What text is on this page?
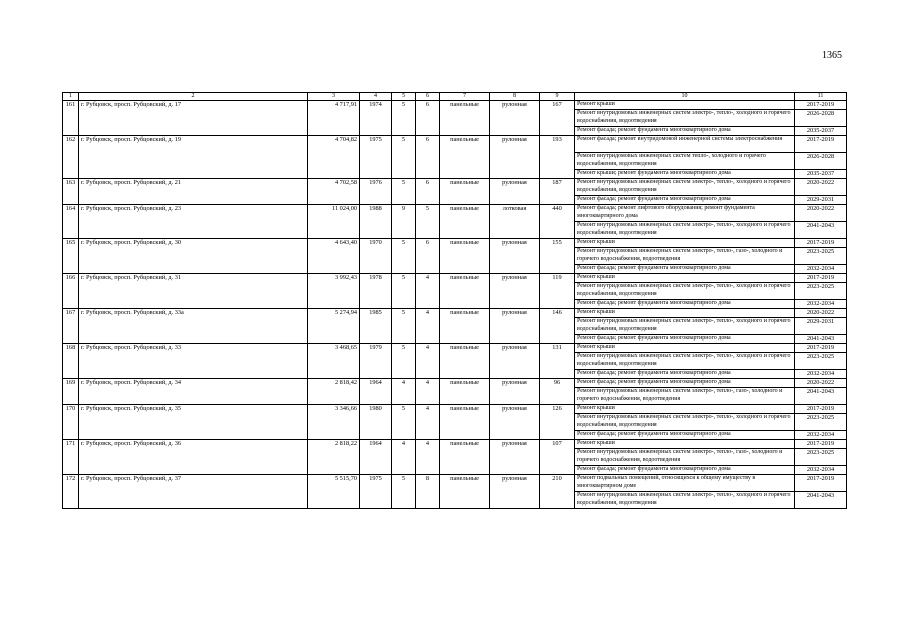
1365
1	2	3	4	5	6	7	8	9	10	11
161	г. Рубцовск, просп. Рубцовский, д. 17	4 717,91	1974	5	6	панельные	рулонная	167	Ремонт крыши	2017-2019
									Ремонт внутридомовых инженерных систем электро-, тепло-, холодного и горячего водоснабжения, водоотведения	2026-2028
									Ремонт фасада; ремонт фундамента многоквартирного дома	2035-2037
162	г. Рубцовск, просп. Рубцовский, д. 19	4 704,82	1975	5	6	панельные	рулонная	193	Ремонт фасада; ремонт внутридомовой инженерной системы электроснабжения	2017-2019
									Ремонт внутридомовых инженерных систем тепло-, холодного и горячего водоснабжения, водоотведения	2026-2028
									Ремонт крыши; ремонт фундамента многоквартирного дома	2035-2037
163	г. Рубцовск, просп. Рубцовский, д. 21	4 702,58	1976	5	6	панельные	рулонная	187	Ремонт внутридомовых инженерных систем электро-, тепло-, холодного и горячего водоснабжения, водоотведения	2020-2022
									Ремонт фасада; ремонт фундамента многоквартирного дома	2029-2031
164	г. Рубцовск, просп. Рубцовский, д. 23	11 024,00	1988	9	5	панельные	лотковая	440	Ремонт фасада; ремонт лифтового оборудования; ремонт фундамента многоквартирного дома	2020-2022
									Ремонт внутридомовых инженерных систем электро-, тепло-, холодного и горячего водоснабжения, водоотведения	2041-2043
165	г. Рубцовск, просп. Рубцовский, д. 30	4 643,40	1970	5	6	панельные	рулонная	155	Ремонт крыши	2017-2019
									Ремонт внутридомовых инженерных систем электро-, тепло-, газо-, холодного и горячего водоснабжения, водоотведения	2023-2025
									Ремонт фасада; ремонт фундамента многоквартирного дома	2032-2034
166	г. Рубцовск, просп. Рубцовский, д. 31	3 992,43	1978	5	4	панельные	рулонная	119	Ремонт крыши	2017-2019
									Ремонт внутридомовых инженерных систем электро-, тепло-, холодного и горячего водоснабжения, водоотведения	2023-2025
									Ремонт фасада; ремонт фундамента многоквартирного дома	2032-2034
167	г. Рубцовск, просп. Рубцовский, д. 33а	5 274,94	1985	5	4	панельные	рулонная	146	Ремонт крыши	2020-2022
									Ремонт внутридомовых инженерных систем электро-, тепло-, холодного и горячего водоснабжения, водоотведения	2029-2031
									Ремонт фасада; ремонт фундамента многоквартирного дома	2041-2043
168	г. Рубцовск, просп. Рубцовский, д. 33	3 468,65	1979	5	4	панельные	рулонная	131	Ремонт крыши	2017-2019
									Ремонт внутридомовых инженерных систем электро-, тепло-, холодного и горячего водоснабжения, водоотведения	2023-2025
									Ремонт фасада; ремонт фундамента многоквартирного дома	2032-2034
169	г. Рубцовск, просп. Рубцовский, д. 34	2 818,42	1964	4	4	панельные	рулонная	96	Ремонт фасада; ремонт фундамента многоквартирного дома	2020-2022
									Ремонт внутридомовых инженерных систем электро-, тепло-, газо-, холодного и горячего водоснабжения, водоотведения	2041-2043
170	г. Рубцовск, просп. Рубцовский, д. 35	3 346,66	1980	5	4	панельные	рулонная	126	Ремонт крыши	2017-2019
									Ремонт внутридомовых инженерных систем электро-, тепло-, холодного и горячего водоснабжения, водоотведения	2023-2025
									Ремонт фасада; ремонт фундамента многоквартирного дома	2032-2034
171	г. Рубцовск, просп. Рубцовский, д. 36	2 818,22	1964	4	4	панельные	рулонная	107	Ремонт крыши	2017-2019
									Ремонт внутридомовых инженерных систем электро-, тепло-, газо-, холодного и горячего водоснабжения, водоотведения	2023-2025
									Ремонт фасада; ремонт фундамента многоквартирного дома	2032-2034
172	г. Рубцовск, просп. Рубцовский, д. 37	5 515,70	1975	5	8	панельные	рулонная	210	Ремонт подвальных помещений, относящихся к общему имуществу в многоквартирном доме	2017-2019
									Ремонт внутридомовых инженерных систем электро-, тепло-, холодного и горячего водоснабжения, водоотведения	2041-2043
